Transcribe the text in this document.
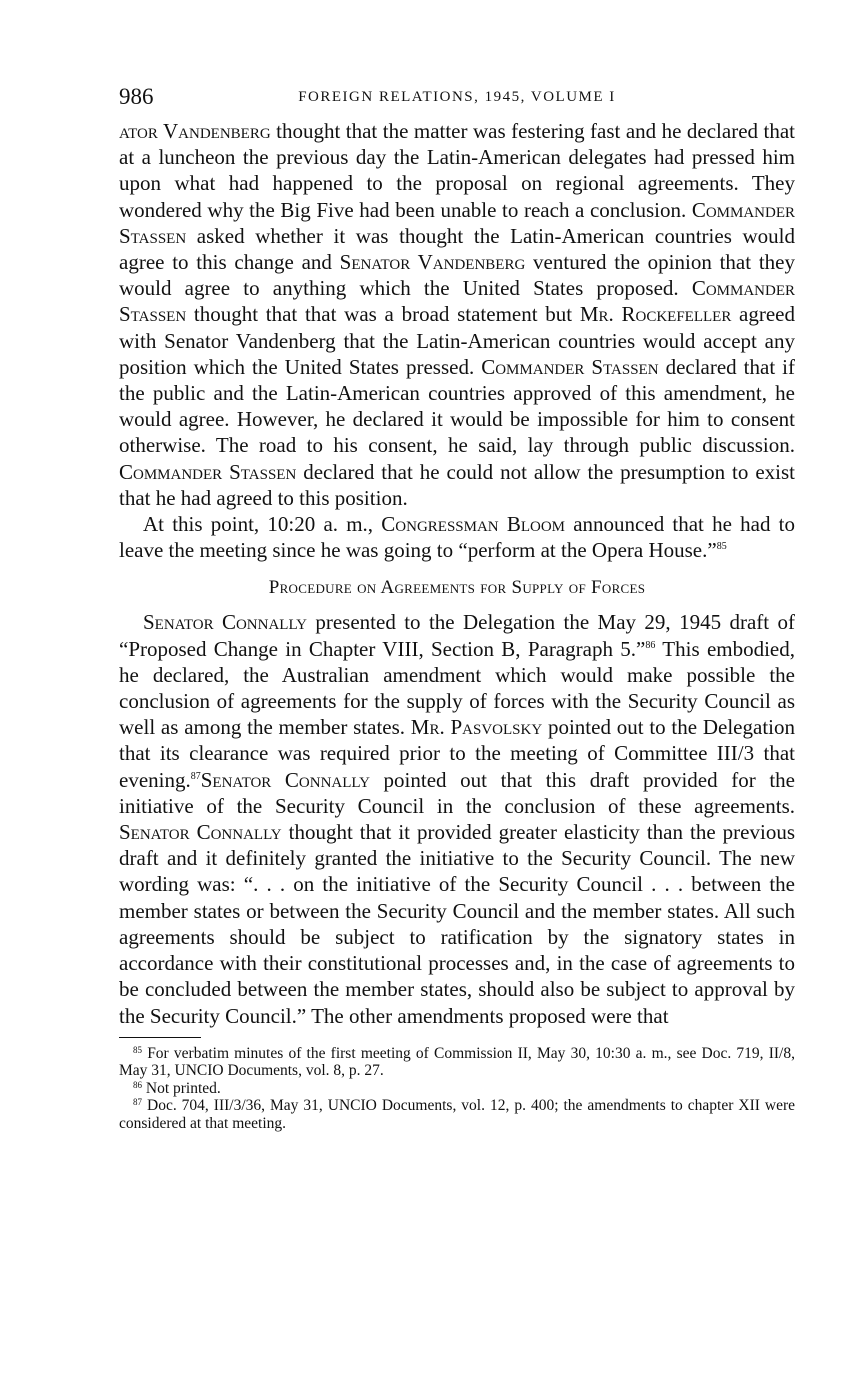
986	FOREIGN RELATIONS, 1945, VOLUME I

ator Vandenberg thought that the matter was festering fast and he declared that at a luncheon the previous day the Latin-American delegates had pressed him upon what had happened to the proposal on regional agreements. They wondered why the Big Five had been unable to reach a conclusion. Commander Stassen asked whether it was thought the Latin-American countries would agree to this change and Senator Vandenberg ventured the opinion that they would agree to anything which the United States proposed. Commander Stassen thought that that was a broad statement but Mr. Rockefeller agreed with Senator Vandenberg that the Latin-American countries would accept any position which the United States pressed. Commander Stassen declared that if the public and the Latin-American countries approved of this amendment, he would agree. However, he declared it would be impossible for him to consent otherwise. The road to his consent, he said, lay through public discussion. Commander Stassen declared that he could not allow the presumption to exist that he had agreed to this position.

At this point, 10:20 a. m., Congressman Bloom announced that he had to leave the meeting since he was going to “perform at the Opera House.”$^{85}$

Procedure on Agreements for Supply of Forces

Senator Connally presented to the Delegation the May 29, 1945 draft of “Proposed Change in Chapter VIII, Section B, Paragraph 5.”$^{86}$ This embodied, he declared, the Australian amendment which would make possible the conclusion of agreements for the supply of forces with the Security Council as well as among the member states. Mr. Pasvolsky pointed out to the Delegation that its clearance was required prior to the meeting of Committee III/3 that evening.$^{87}$Senator Connally pointed out that this draft provided for the initiative of the Security Council in the conclusion of these agreements. Senator Connally thought that it provided greater elasticity than the previous draft and it definitely granted the initiative to the Security Council. The new wording was: “. . . on the initiative of the Security Council . . . between the member states or between the Security Council and the member states. All such agreements should be subject to ratification by the signatory states in accordance with their constitutional processes and, in the case of agreements to be concluded between the member states, should also be subject to approval by the Security Council.” The other amendments proposed were that

$^{85}$ For verbatim minutes of the first meeting of Commission II, May 30, 10:30 a. m., see Doc. 719, II/8, May 31, UNCIO Documents, vol. 8, p. 27.

$^{86}$ Not printed.

$^{87}$ Doc. 704, III/3/36, May 31, UNCIO Documents, vol. 12, p. 400; the amendments to chapter XII were considered at that meeting.
